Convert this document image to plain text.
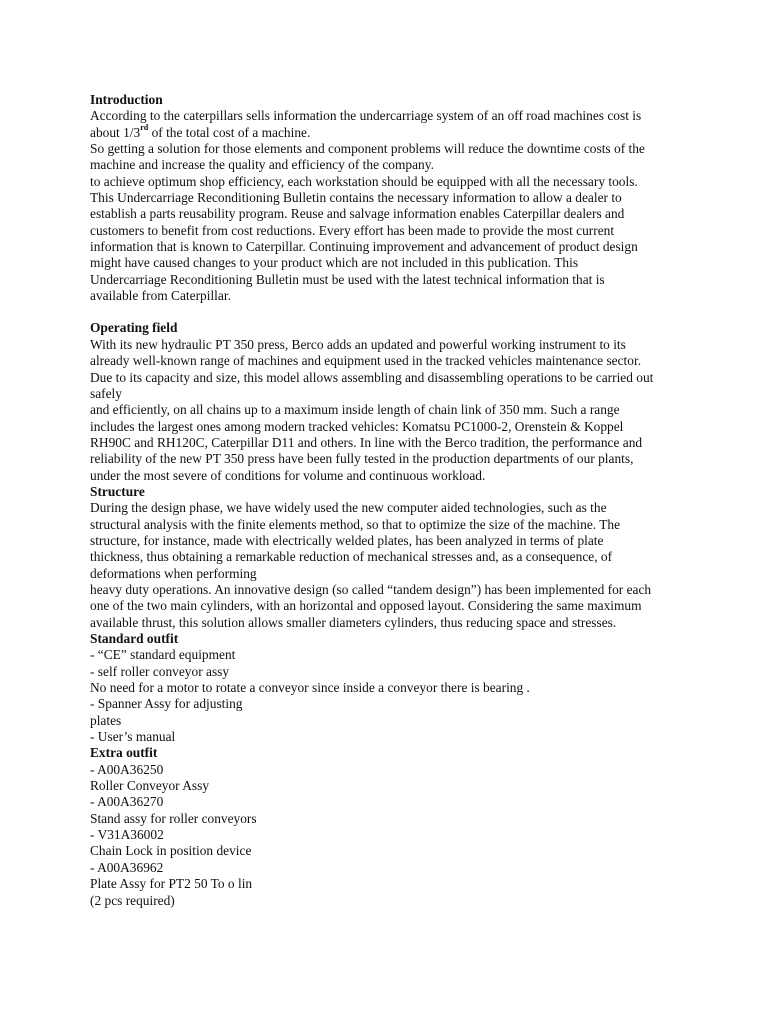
Introduction
According to the caterpillars sells information the undercarriage system of an off road machines cost is
about 1/3rd of the total cost of a machine.
So getting a solution for those elements and component problems will reduce the downtime costs of the
machine and increase the quality and efficiency of the company.
to achieve optimum shop efficiency, each workstation should be equipped with all the necessary tools.
This Undercarriage Reconditioning Bulletin contains the necessary information to allow a dealer to
establish a parts reusability program. Reuse and salvage information enables Caterpillar dealers and
customers to benefit from cost reductions. Every effort has been made to provide the most current
information that is known to Caterpillar. Continuing improvement and advancement of product design
might have caused changes to your product which are not included in this publication. This
Undercarriage Reconditioning Bulletin must be used with the latest technical information that is
available from Caterpillar.
Operating field
With its new hydraulic PT 350 press, Berco adds an updated and powerful working instrument to its
already well-known range of machines and equipment used in the tracked vehicles maintenance sector.
Due to its capacity and size, this model allows assembling and disassembling operations to be carried out
safely
and efficiently, on all chains up to a maximum inside length of chain link of 350 mm. Such a range
includes the largest ones among modern tracked vehicles: Komatsu PC1000-2, Orenstein & Koppel
RH90C and RH120C, Caterpillar D11 and others. In line with the Berco tradition, the performance and
reliability of the new PT 350 press have been fully tested in the production departments of our plants,
under the most severe of conditions for volume and continuous workload.
Structure
During the design phase, we have widely used the new computer aided technologies, such as the
structural analysis with the finite elements method, so that to optimize the size of the machine. The
structure, for instance, made with electrically welded plates, has been analyzed in terms of plate
thickness, thus obtaining a remarkable reduction of mechanical stresses and, as a consequence, of
deformations when performing
heavy duty operations. An innovative design (so called “tandem design”) has been implemented for each
one of the two main cylinders, with an horizontal and opposed layout. Considering the same maximum
available thrust, this solution allows smaller diameters cylinders, thus reducing space and stresses.
Standard outfit
- “CE” standard equipment
- self roller conveyor assy
No need for a motor to rotate a conveyor since inside a conveyor there is bearing .
- Spanner Assy for adjusting
plates
- User’s manual
Extra outfit
- A00A36250
Roller Conveyor Assy
- A00A36270
Stand assy for roller conveyors
- V31A36002
Chain Lock in position device
- A00A36962
Plate Assy for PT2 50 To o lin
(2 pcs required)
